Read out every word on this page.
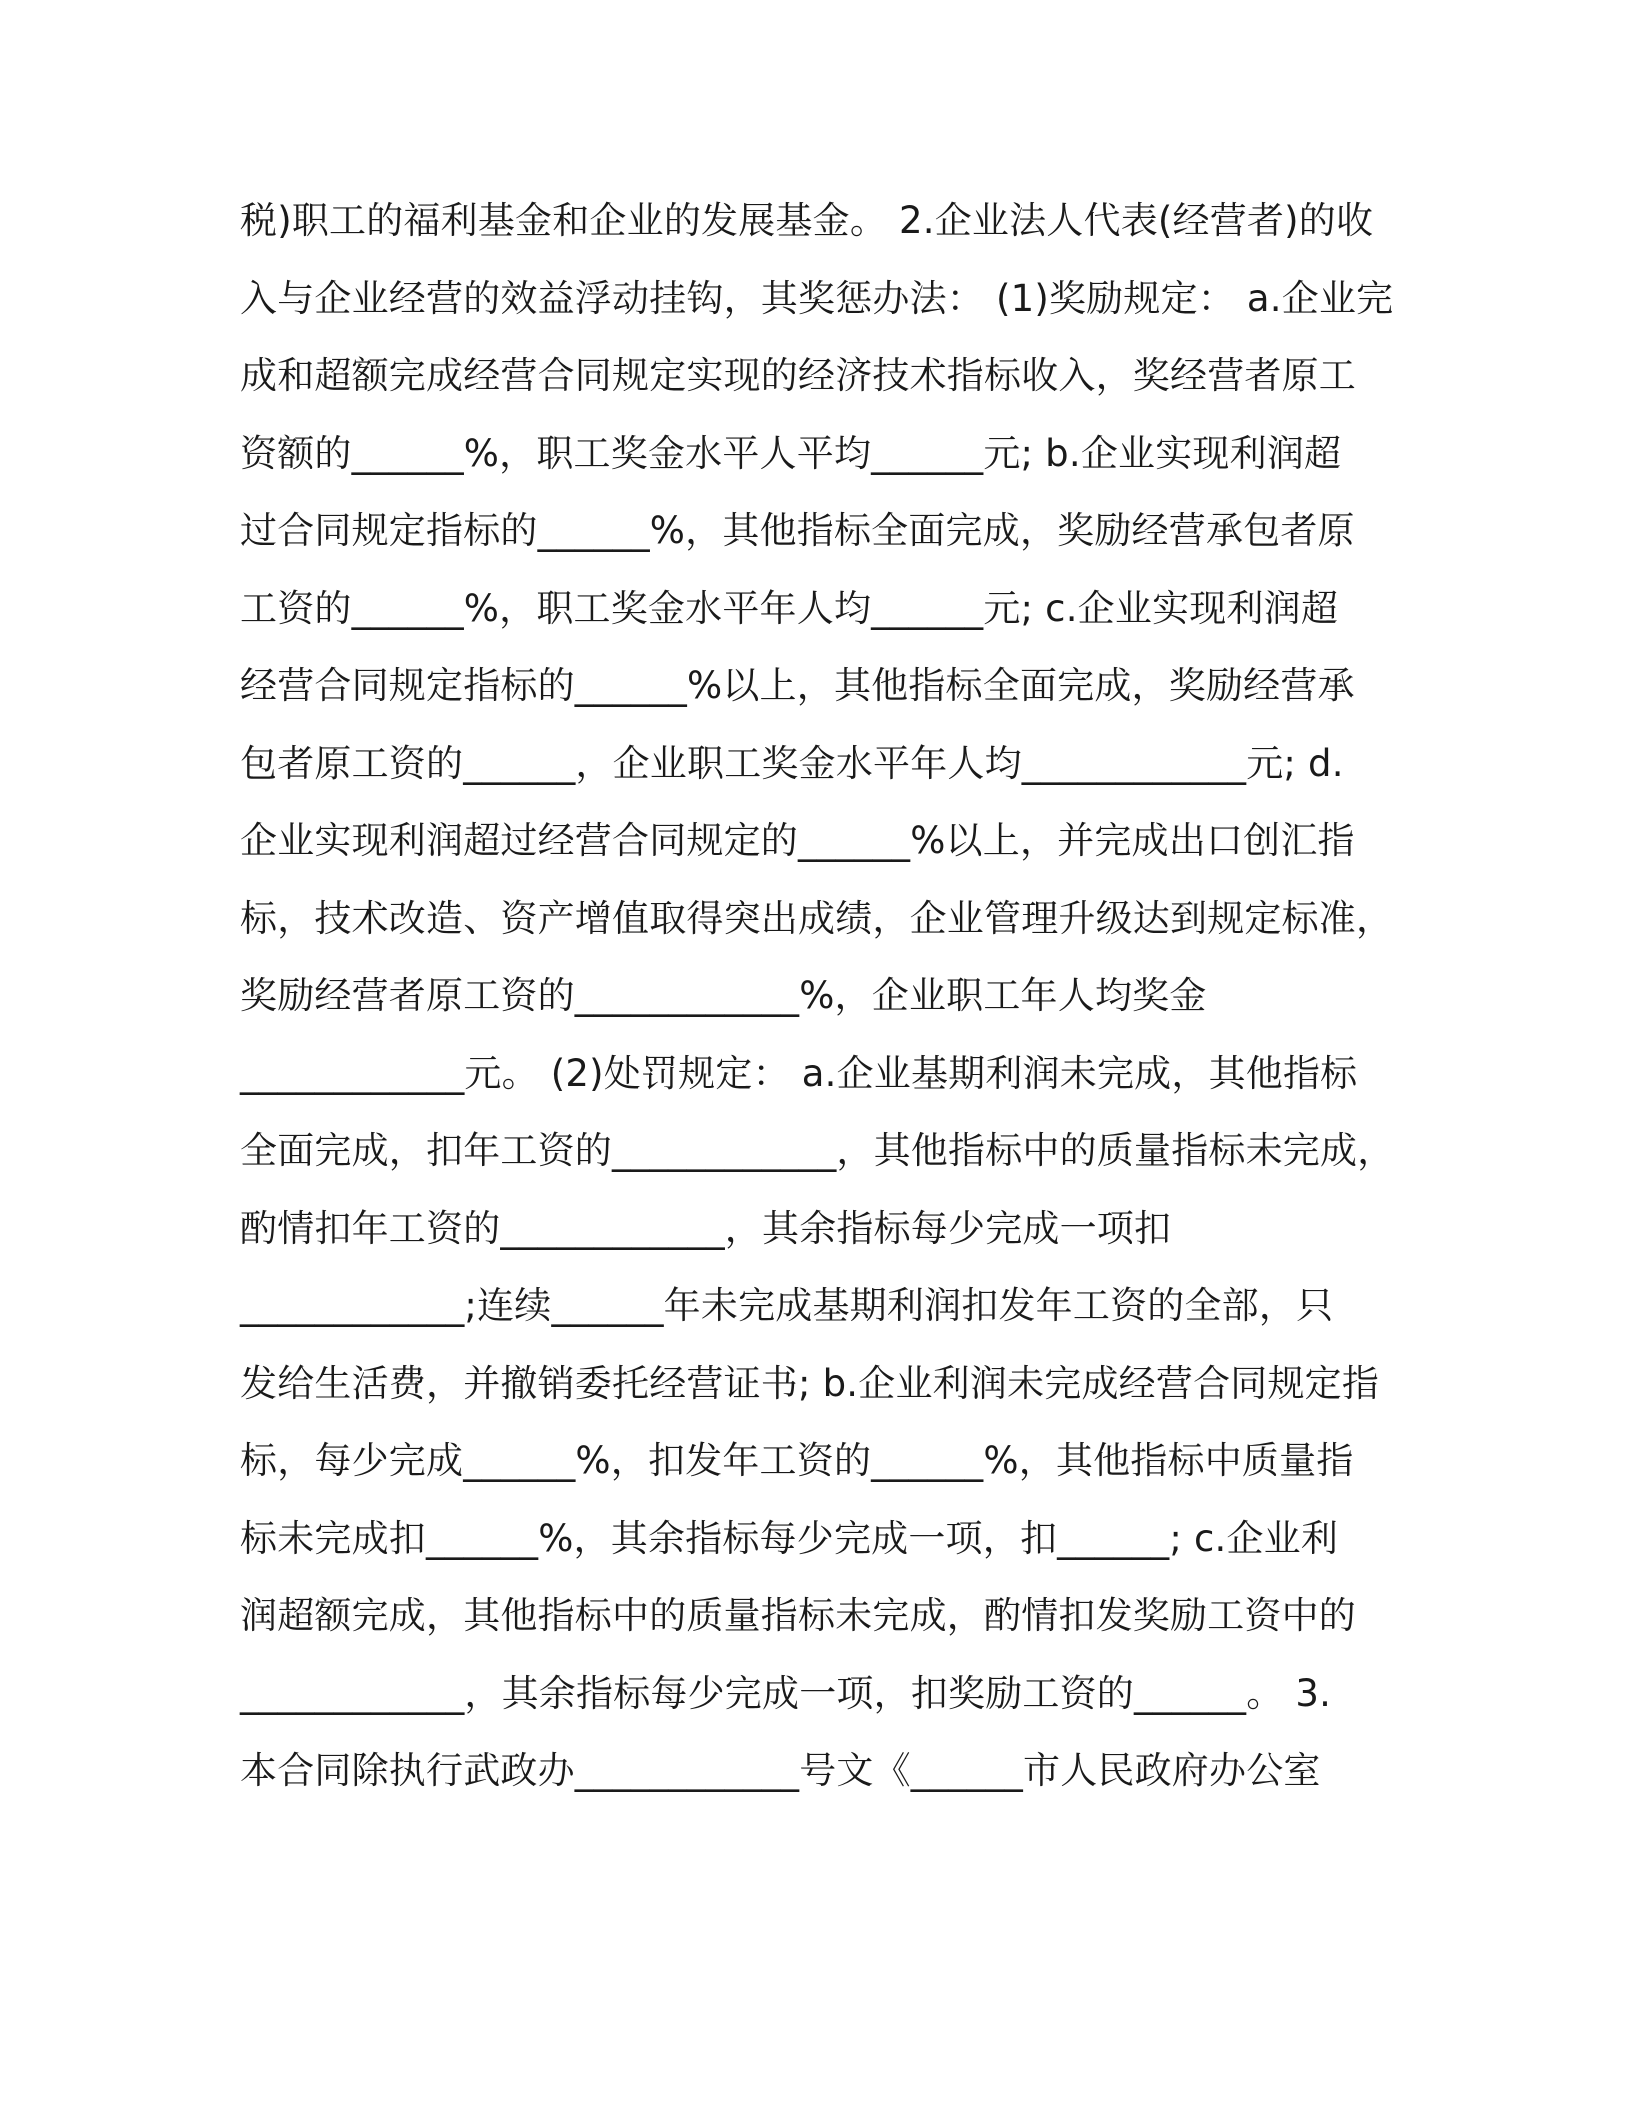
税)职工的福利基金和企业的发展基金。 2.企业法人代表(经营者)的收
入与企业经营的效益浮动挂钩，其奖惩办法： (1)奖励规定： a.企业完
成和超额完成经营合同规定实现的经济技术指标收入，奖经营者原工
资额的______%，职工奖金水平人平均______元; b.企业实现利润超
过合同规定指标的______%，其他指标全面完成，奖励经营承包者原
工资的______%，职工奖金水平年人均______元; c.企业实现利润超
经营合同规定指标的______%以上，其他指标全面完成，奖励经营承
包者原工资的______，企业职工奖金水平年人均____________元; d.
企业实现利润超过经营合同规定的______%以上，并完成出口创汇指
标，技术改造、资产增值取得突出成绩，企业管理升级达到规定标准，
奖励经营者原工资的____________%，企业职工年人均奖金
____________元。 (2)处罚规定： a.企业基期利润未完成，其他指标
全面完成，扣年工资的____________，其他指标中的质量指标未完成，
酌情扣年工资的____________，其余指标每少完成一项扣
____________;连续______年未完成基期利润扣发年工资的全部，只
发给生活费，并撤销委托经营证书; b.企业利润未完成经营合同规定指
标，每少完成______%，扣发年工资的______%，其他指标中质量指
标未完成扣______%，其余指标每少完成一项，扣______; c.企业利
润超额完成，其他指标中的质量指标未完成，酌情扣发奖励工资中的
____________，其余指标每少完成一项，扣奖励工资的______。 3.
本合同除执行武政办____________号文《______市人民政府办公室
